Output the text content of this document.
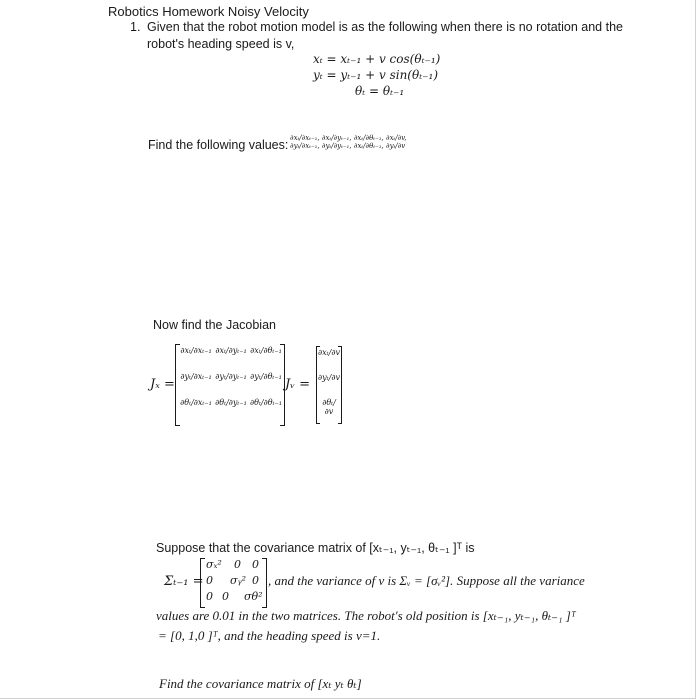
Robotics Homework Noisy Velocity
1. Given that the robot motion model is as the following when there is no rotation and the
robot's heading speed is v,
xₜ = xₜ₋₁ + v cos(θₜ₋₁)
yₜ = yₜ₋₁ + v sin(θₜ₋₁)
θₜ = θₜ₋₁
Find the following values: ∂xₜ/∂xₜ₋₁, ∂xₜ/∂yₜ₋₁, ∂xₜ/∂θₜ₋₁, ∂xₜ/∂v,
∂yₜ/∂xₜ₋₁, ∂yₜ/∂yₜ₋₁, ∂xₜ/∂θₜ₋₁, ∂yₜ/∂v
Now find the Jacobian
Jₓ =
∂xₜ/∂xₜ₋₁ ∂xₜ/∂yₜ₋₁ ∂xₜ/∂θₜ₋₁
∂yₜ/∂xₜ₋₁ ∂yₜ/∂yₜ₋₁ ∂yₜ/∂θₜ₋₁
∂θₜ/∂xₜ₋₁ ∂θₜ/∂yₜ₋₁ ∂θₜ/∂θₜ₋₁
Jᵥ =
∂xₜ/∂v
∂yₜ/∂v
∂θₜ/∂v
Suppose that the covariance matrix of [xₜ₋₁, yₜ₋₁, θₜ₋₁ ]ᵀ is
Σₜ₋₁ =
σₓ² 0 0
0 σᵧ² 0
0 0 σθ²
, and the variance of v is Σᵥ = [σᵥ²]. Suppose all the variance
values are 0.01 in the two matrices. The robot's old position is [xₜ₋₁, yₜ₋₁, θₜ₋₁ ]ᵀ
= [0, 1,0 ]ᵀ, and the heading speed is v=1.
Find the covariance matrix of [xₜ yₜ θₜ]
